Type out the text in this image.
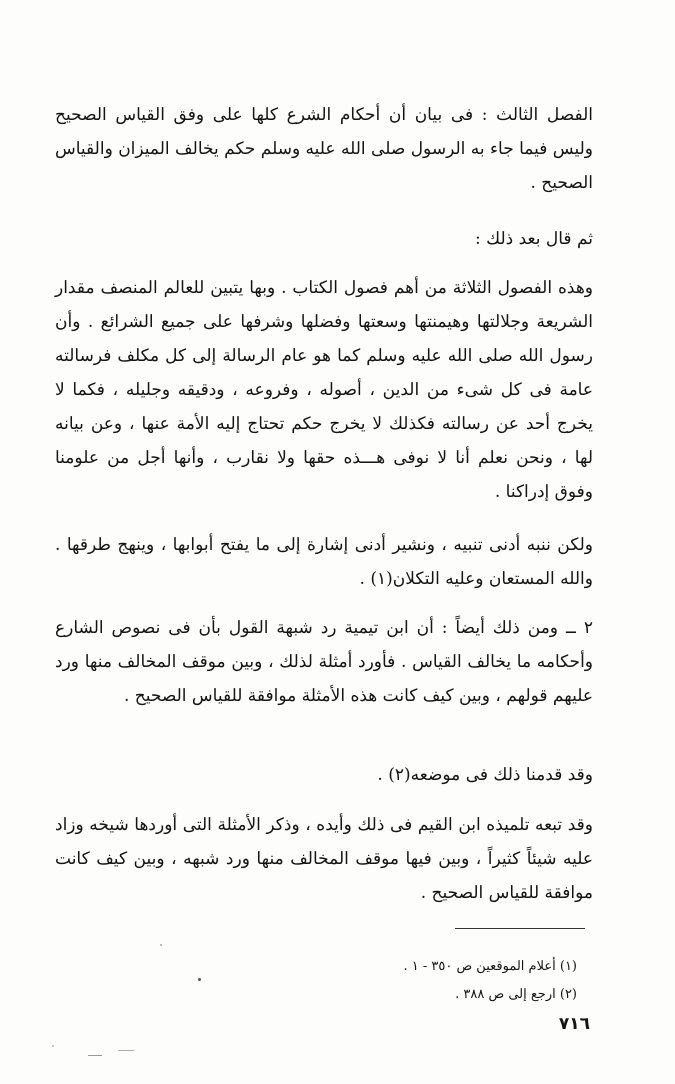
الفصل الثالث : فى بيان أن أحكام الشرع كلها على وفق القياس الصحيح وليس فيما جاء به الرسول صلى الله عليه وسلم حكم يخالف الميزان والقياس الصحيح .

ثم قال بعد ذلك :

وهذه الفصول الثلاثة من أهم فصول الكتاب . وبها يتبين للعالم المنصف مقدار الشريعة وجلالتها وهيمنتها وسعتها وفضلها وشرفها على جميع الشرائع . وأن رسول الله صلى الله عليه وسلم كما هو عام الرسالة إلى كل مكلف فرسالته عامة فى كل شىء من الدين ، أصوله ، وفروعه ، ودقيقه وجليله ، فكما لا يخرج أحد عن رسالته فكذلك لا يخرج حكم تحتاج إليه الأمة عنها ، وعن بيانه لها ، ونحن نعلم أنا لا نوفى هـــذه حقها ولا نقارب ، وأنها أجل من علومنا وفوق إدراكنا .

ولكن ننبه أدنى تنبيه ، ونشير أدنى إشارة إلى ما يفتح أبوابها ، وينهج طرقها . والله المستعان وعليه التكلان(١) .

٢ ــ ومن ذلك أيضاً : أن ابن تيمية رد شبهة القول بأن فى نصوص الشارع وأحكامه ما يخالف القياس . فأورد أمثلة لذلك ، وبين موقف المخالف منها ورد عليهم قولهم ، وبين كيف كانت هذه الأمثلة موافقة للقياس الصحيح .

وقد قدمنا ذلك فى موضعه(٢) .

وقد تبعه تلميذه ابن القيم فى ذلك وأيده ، وذكر الأمثلة التى أوردها شيخه وزاد عليه شيئاً كثيراً ، وبين فيها موقف المخالف منها ورد شبهه ، وبين كيف كانت موافقة للقياس الصحيح .

(١) أعلام الموقعين ص ٣٥٠ - ١ .

(٢) ارجع إلى ص ٣٨٨ .

٧١٦
